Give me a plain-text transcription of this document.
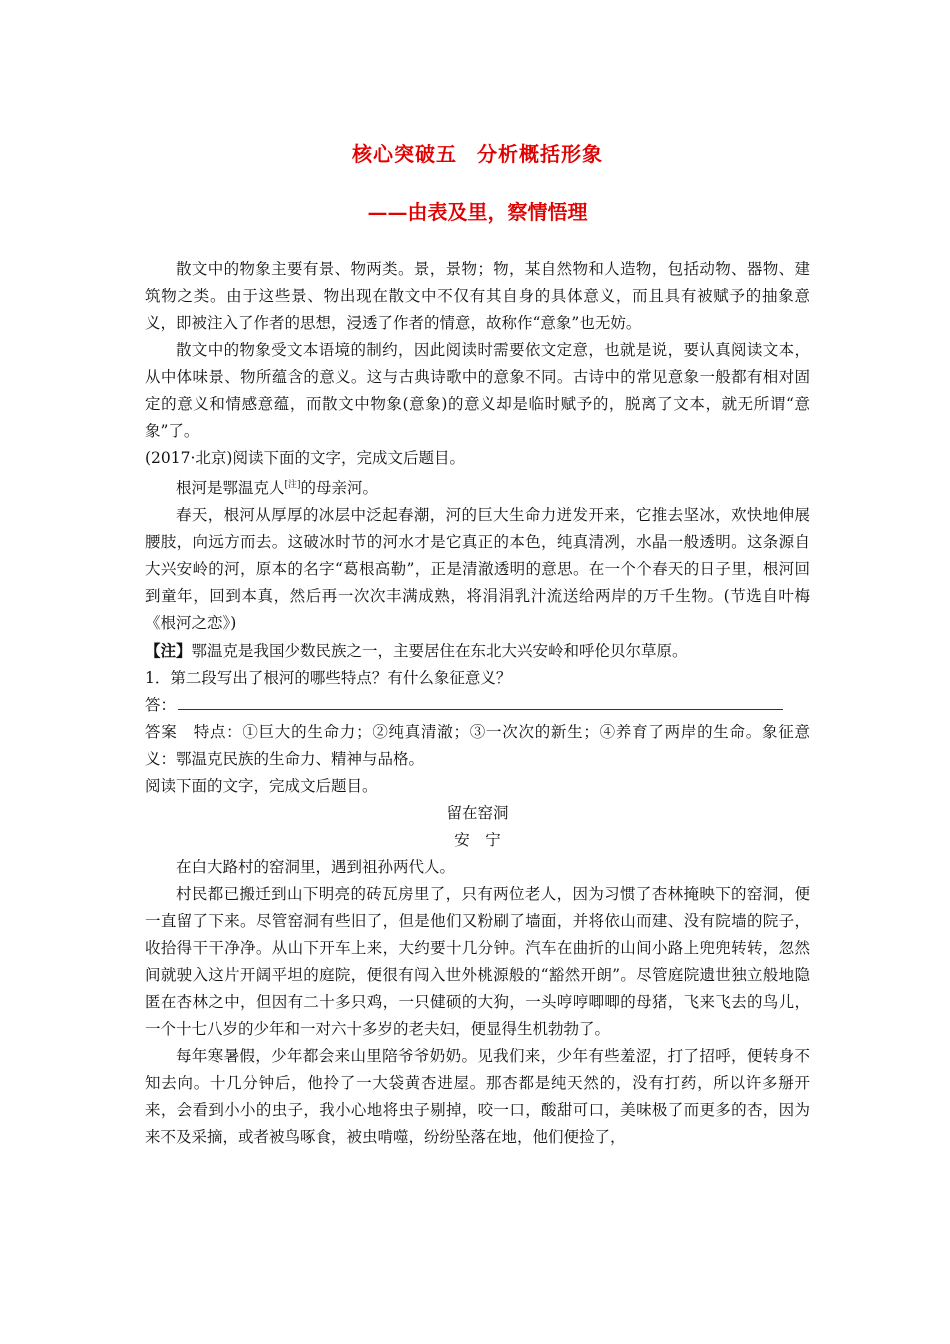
核心突破五 分析概括形象
——由表及里，察情悟理

散文中的物象主要有景、物两类。景，景物；物，某自然物和人造物，包括动物、器物、建筑物之类。由于这些景、物出现在散文中不仅有其自身的具体意义，而且具有被赋予的抽象意义，即被注入了作者的思想，浸透了作者的情意，故称作“意象”也无妨。

散文中的物象受文本语境的制约，因此阅读时需要依文定意，也就是说，要认真阅读文本，从中体味景、物所蕴含的意义。这与古典诗歌中的意象不同。古诗中的常见意象一般都有相对固定的意义和情感意蕴，而散文中物象(意象)的意义却是临时赋予的，脱离了文本，就无所谓“意象”了。

(2017·北京)阅读下面的文字，完成文后题目。

根河是鄂温克人[注]的母亲河。

春天，根河从厚厚的冰层中泛起春潮，河的巨大生命力迸发开来，它推去坚冰，欢快地伸展腰肢，向远方而去。这破冰时节的河水才是它真正的本色，纯真清冽，水晶一般透明。这条源自大兴安岭的河，原本的名字“葛根高勒”，正是清澈透明的意思。在一个个春天的日子里，根河回到童年，回到本真，然后再一次次丰满成熟，将涓涓乳汁流送给两岸的万千生物。(节选自叶梅《根河之恋》)

【注】鄂温克是我国少数民族之一，主要居住在东北大兴安岭和呼伦贝尔草原。

1．第二段写出了根河的哪些特点？有什么象征意义？

答：

答案　特点：①巨大的生命力；②纯真清澈；③一次次的新生；④养育了两岸的生命。象征意义：鄂温克民族的生命力、精神与品格。

阅读下面的文字，完成文后题目。

留在窑洞

安　宁

在白大路村的窑洞里，遇到祖孙两代人。

村民都已搬迁到山下明亮的砖瓦房里了，只有两位老人，因为习惯了杏林掩映下的窑洞，便一直留了下来。尽管窑洞有些旧了，但是他们又粉刷了墙面，并将依山而建、没有院墙的院子，收拾得干干净净。从山下开车上来，大约要十几分钟。汽车在曲折的山间小路上兜兜转转，忽然间就驶入这片开阔平坦的庭院，便很有闯入世外桃源般的“豁然开朗”。尽管庭院遗世独立般地隐匿在杏林之中，但因有二十多只鸡，一只健硕的大狗，一头哼哼唧唧的母猪，飞来飞去的鸟儿，一个十七八岁的少年和一对六十多岁的老夫妇，便显得生机勃勃了。

每年寒暑假，少年都会来山里陪爷爷奶奶。见我们来，少年有些羞涩，打了招呼，便转身不知去向。十几分钟后，他拎了一大袋黄杏进屋。那杏都是纯天然的，没有打药，所以许多掰开来，会看到小小的虫子，我小心地将虫子剔掉，咬一口，酸甜可口，美味极了而更多的杏，因为来不及采摘，或者被鸟啄食，被虫啃噬，纷纷坠落在地，他们便捡了，
